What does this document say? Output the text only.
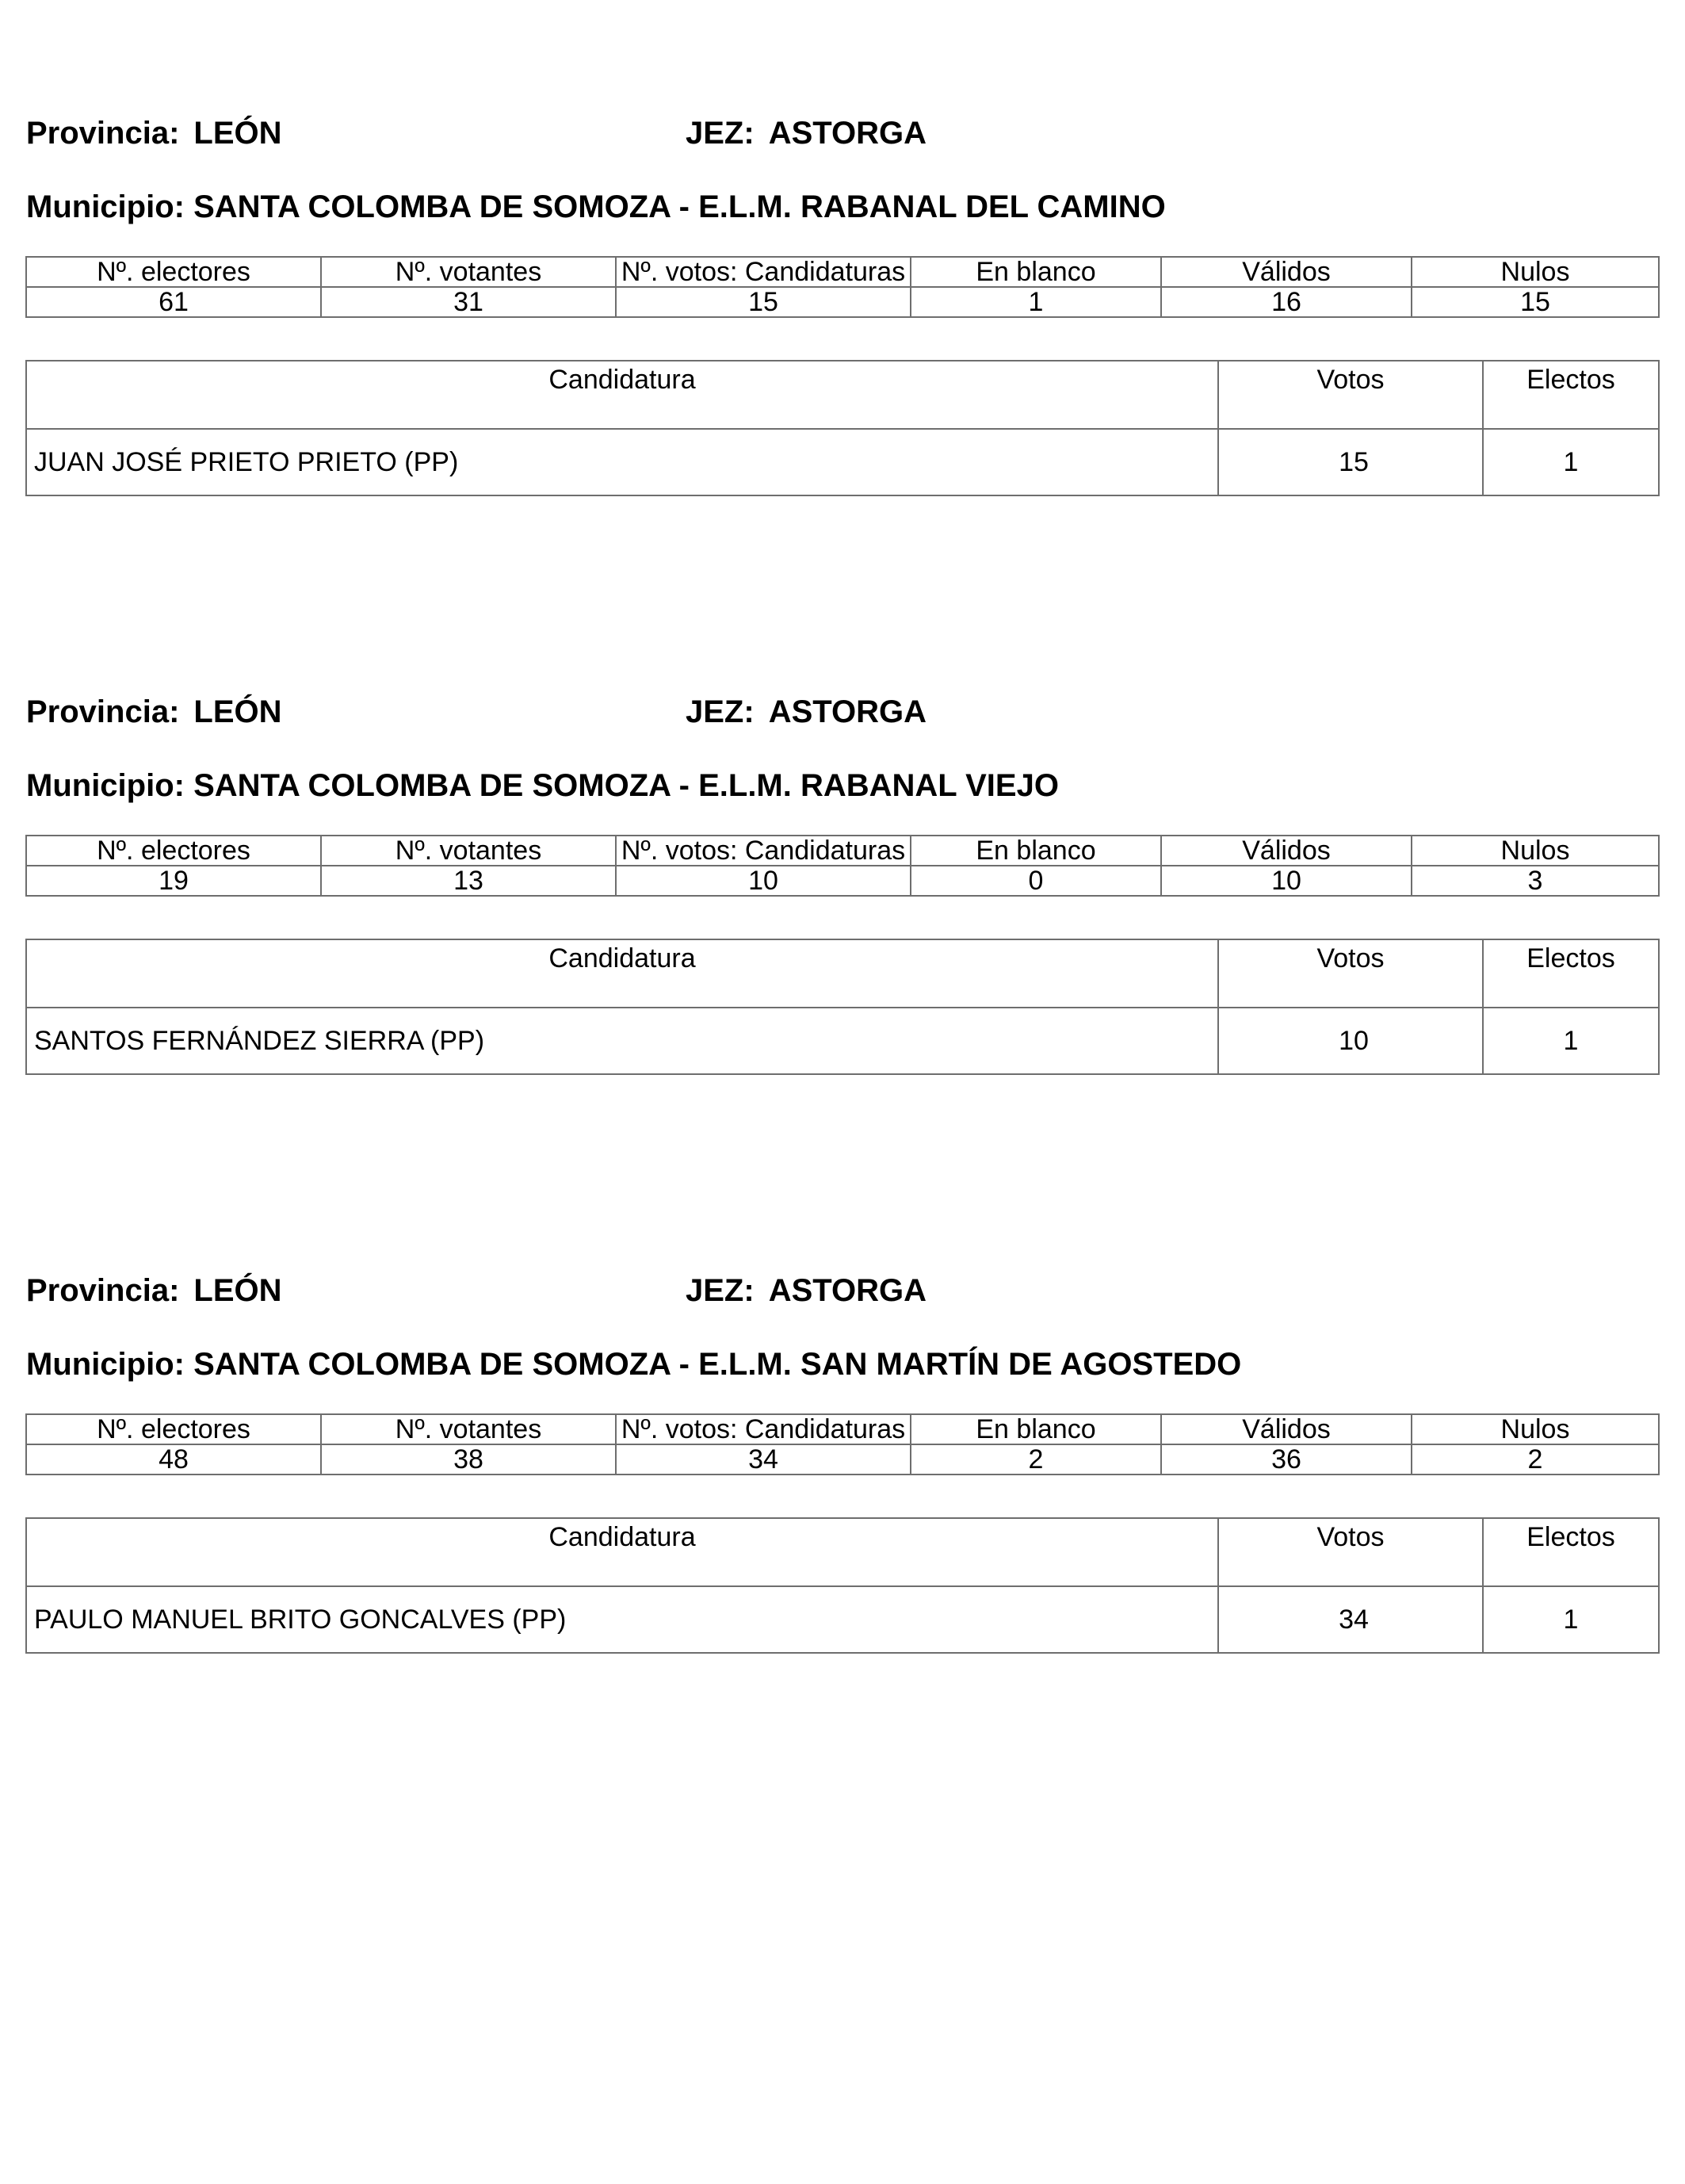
Provincia: LEÓN	JEZ: ASTORGA
Municipio: SANTA COLOMBA DE SOMOZA - E.L.M. RABANAL DEL CAMINO
Nº. electores	Nº. votantes	Nº. votos: Candidaturas	En blanco	Válidos	Nulos
61	31	15	1	16	15
Candidatura	Votos	Electos
JUAN JOSÉ PRIETO PRIETO (PP)	15	1
Provincia: LEÓN	JEZ: ASTORGA
Municipio: SANTA COLOMBA DE SOMOZA - E.L.M. RABANAL VIEJO
Nº. electores	Nº. votantes	Nº. votos: Candidaturas	En blanco	Válidos	Nulos
19	13	10	0	10	3
Candidatura	Votos	Electos
SANTOS FERNÁNDEZ SIERRA (PP)	10	1
Provincia: LEÓN	JEZ: ASTORGA
Municipio: SANTA COLOMBA DE SOMOZA - E.L.M. SAN MARTÍN DE AGOSTEDO
Nº. electores	Nº. votantes	Nº. votos: Candidaturas	En blanco	Válidos	Nulos
48	38	34	2	36	2
Candidatura	Votos	Electos
PAULO MANUEL BRITO GONCALVES (PP)	34	1
